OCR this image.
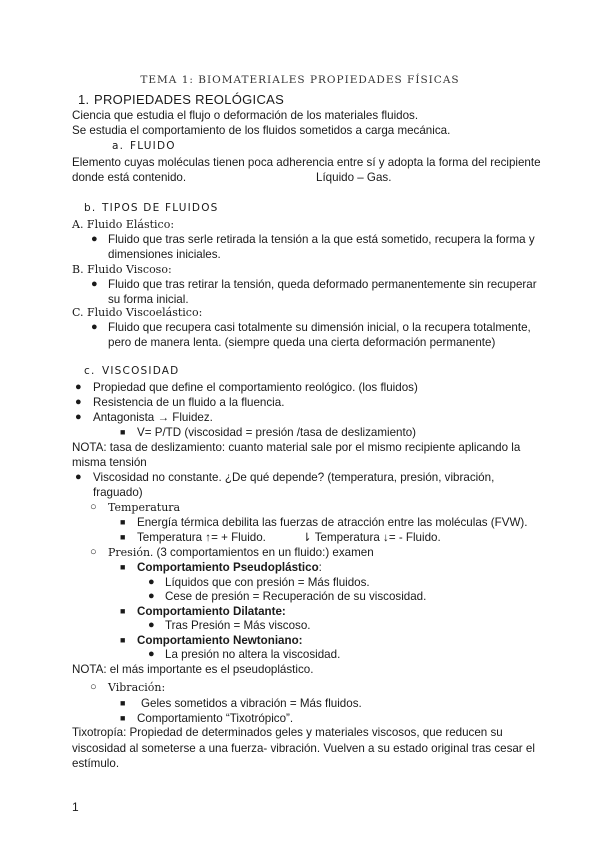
TEMA 1: BIOMATERIALES PROPIEDADES FÍSICAS
1. PROPIEDADES REOLÓGICAS
Ciencia que estudia el flujo o deformación de los materiales fluidos.
Se estudia el comportamiento de los fluidos sometidos a carga mecánica.
a. FLUIDO
Elemento cuyas moléculas tienen poca adherencia entre sí y adopta la forma del recipiente
donde está contenido.	Líquido – Gas.
b. TIPOS DE FLUIDOS
A. Fluido Elástico:
● Fluido que tras serle retirada la tensión a la que está sometido, recupera la forma y
dimensiones iniciales.
B. Fluido Viscoso:
● Fluido que tras retirar la tensión, queda deformado permanentemente sin recuperar
su forma inicial.
C. Fluido Viscoelástico:
● Fluido que recupera casi totalmente su dimensión inicial, o la recupera totalmente,
pero de manera lenta. (siempre queda una cierta deformación permanente)
c. VISCOSIDAD
● Propiedad que define el comportamiento reológico. (los fluidos)
● Resistencia de un fluido a la fluencia.
● Antagonista → Fluidez.
■ V= P/TD (viscosidad = presión /tasa de deslizamiento)
NOTA: tasa de deslizamiento: cuanto material sale por el mismo recipiente aplicando la
misma tensión
● Viscosidad no constante. ¿De qué depende? (temperatura, presión, vibración,
fraguado)
○ Temperatura
■ Energía térmica debilita las fuerzas de atracción entre las moléculas (FVW).
■ Temperatura ↑= + Fluido.	⇂ Temperatura ↓= - Fluido.
○ Presión. (3 comportamientos en un fluido:) examen
■ Comportamiento Pseudoplástico:
● Líquidos que con presión = Más fluidos.
● Cese de presión = Recuperación de su viscosidad.
■ Comportamiento Dilatante:
● Tras Presión = Más viscoso.
■ Comportamiento Newtoniano:
● La presión no altera la viscosidad.
NOTA: el más importante es el pseudoplástico.
○ Vibración:
■ Geles sometidos a vibración = Más fluidos.
■ Comportamiento “Tixotrópico”.
Tixotropía: Propiedad de determinados geles y materiales viscosos, que reducen su
viscosidad al someterse a una fuerza- vibración. Vuelven a su estado original tras cesar el
estímulo.
1
